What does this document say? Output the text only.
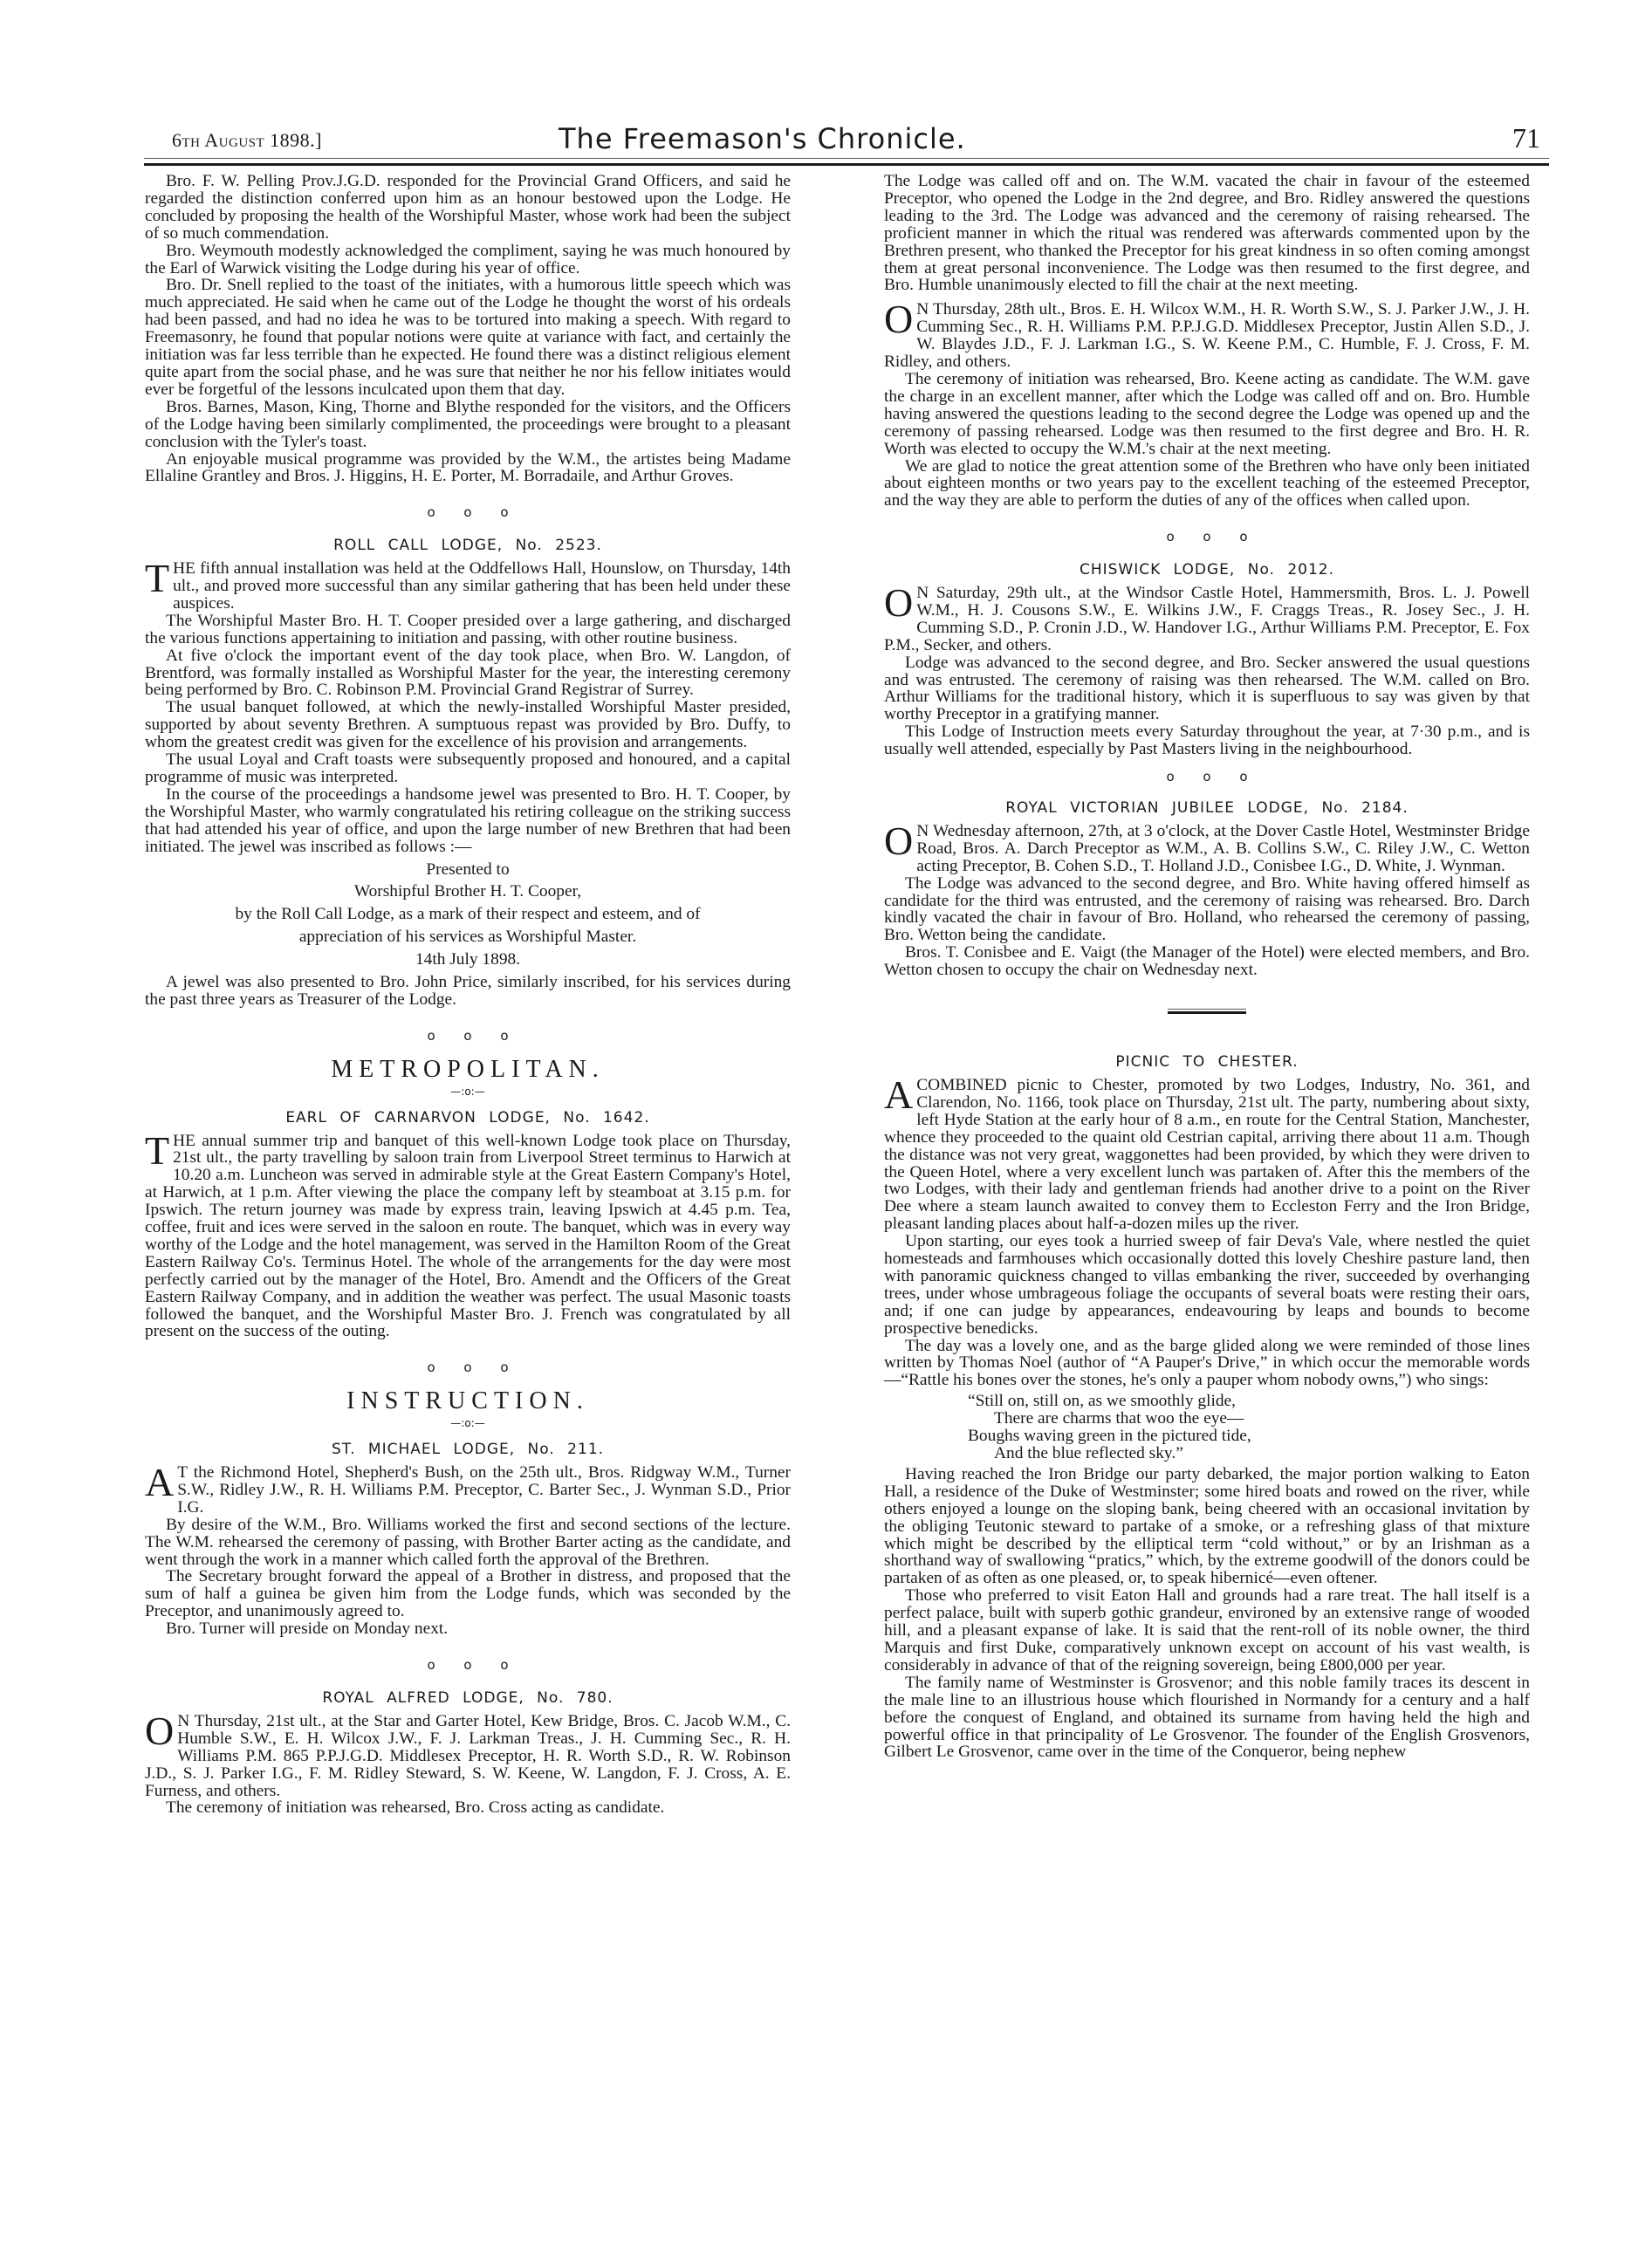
6th August 1898.]	The Freemason's Chronicle.	71

Bro. F. W. Pelling Prov.J.G.D. responded for the Provincial Grand Officers, and said he regarded the distinction conferred upon him as an honour bestowed upon the Lodge. He concluded by proposing the health of the Worshipful Master, whose work had been the subject of so much commendation.

Bro. Weymouth modestly acknowledged the compliment, saying he was much honoured by the Earl of Warwick visiting the Lodge during his year of office.

Bro. Dr. Snell replied to the toast of the initiates, with a humorous little speech which was much appreciated. He said when he came out of the Lodge he thought the worst of his ordeals had been passed, and had no idea he was to be tortured into making a speech. With regard to Freemasonry, he found that popular notions were quite at variance with fact, and certainly the initiation was far less terrible than he expected. He found there was a distinct religious element quite apart from the social phase, and he was sure that neither he nor his fellow initiates would ever be forgetful of the lessons inculcated upon them that day.

Bros. Barnes, Mason, King, Thorne and Blythe responded for the visitors, and the Officers of the Lodge having been similarly complimented, the proceedings were brought to a pleasant conclusion with the Tyler's toast.

An enjoyable musical programme was provided by the W.M., the artistes being Madame Ellaline Grantley and Bros. J. Higgins, H. E. Porter, M. Borradaile, and Arthur Groves.

o o o
ROLL CALL LODGE, No. 2523.

THE fifth annual installation was held at the Oddfellows Hall, Hounslow, on Thursday, 14th ult., and proved more successful than any similar gathering that has been held under these auspices.

The Worshipful Master Bro. H. T. Cooper presided over a large gathering, and discharged the various functions appertaining to initiation and passing, with other routine business.

At five o'clock the important event of the day took place, when Bro. W. Langdon, of Brentford, was formally installed as Worshipful Master for the year, the interesting ceremony being performed by Bro. C. Robinson P.M. Provincial Grand Registrar of Surrey.

The usual banquet followed, at which the newly-installed Worshipful Master presided, supported by about seventy Brethren. A sumptuous repast was provided by Bro. Duffy, to whom the greatest credit was given for the excellence of his provision and arrangements.

The usual Loyal and Craft toasts were subsequently proposed and honoured, and a capital programme of music was interpreted.

In the course of the proceedings a handsome jewel was presented to Bro. H. T. Cooper, by the Worshipful Master, who warmly congratulated his retiring colleague on the striking success that had attended his year of office, and upon the large number of new Brethren that had been initiated. The jewel was inscribed as follows :—

Presented to

Worshipful Brother H. T. Cooper,

by the Roll Call Lodge, as a mark of their respect and esteem, and of

appreciation of his services as Worshipful Master.

14th July 1898.

A jewel was also presented to Bro. John Price, similarly inscribed, for his services during the past three years as Treasurer of the Lodge.

o o o
METROPOLITAN.
—:o:—
EARL OF CARNARVON LODGE, No. 1642.

THE annual summer trip and banquet of this well-known Lodge took place on Thursday, 21st ult., the party travelling by saloon train from Liverpool Street terminus to Harwich at 10.20 a.m. Luncheon was served in admirable style at the Great Eastern Company's Hotel, at Harwich, at 1 p.m. After viewing the place the company left by steamboat at 3.15 p.m. for Ipswich. The return journey was made by express train, leaving Ipswich at 4.45 p.m. Tea, coffee, fruit and ices were served in the saloon en route. The banquet, which was in every way worthy of the Lodge and the hotel management, was served in the Hamilton Room of the Great Eastern Railway Co's. Terminus Hotel. The whole of the arrangements for the day were most perfectly carried out by the manager of the Hotel, Bro. Amendt and the Officers of the Great Eastern Railway Company, and in addition the weather was perfect. The usual Masonic toasts followed the banquet, and the Worshipful Master Bro. J. French was congratulated by all present on the success of the outing.

o o o
INSTRUCTION.
—:o:—
ST. MICHAEL LODGE, No. 211.

A T the Richmond Hotel, Shepherd's Bush, on the 25th ult., Bros. Ridgway W.M., Turner S.W., Ridley J.W., R. H. Williams P.M. Preceptor, C. Barter Sec., J. Wynman S.D., Prior I.G.

By desire of the W.M., Bro. Williams worked the first and second sections of the lecture. The W.M. rehearsed the ceremony of passing, with Brother Barter acting as the candidate, and went through the work in a manner which called forth the approval of the Brethren.

The Secretary brought forward the appeal of a Brother in distress, and proposed that the sum of half a guinea be given him from the Lodge funds, which was seconded by the Preceptor, and unanimously agreed to.

Bro. Turner will preside on Monday next.

o o o
ROYAL ALFRED LODGE, No. 780.

O N Thursday, 21st ult., at the Star and Garter Hotel, Kew Bridge, Bros. C. Jacob W.M., C. Humble S.W., E. H. Wilcox J.W., F. J. Larkman Treas., J. H. Cumming Sec., R. H. Williams P.M. 865 P.P.J.G.D. Middlesex Preceptor, H. R. Worth S.D., R. W. Robinson J.D., S. J. Parker I.G., F. M. Ridley Steward, S. W. Keene, W. Langdon, F. J. Cross, A. E. Furness, and others.

The ceremony of initiation was rehearsed, Bro. Cross acting as candidate.

The Lodge was called off and on. The W.M. vacated the chair in favour of the esteemed Preceptor, who opened the Lodge in the 2nd degree, and Bro. Ridley answered the questions leading to the 3rd. The Lodge was advanced and the ceremony of raising rehearsed. The proficient manner in which the ritual was rendered was afterwards commented upon by the Brethren present, who thanked the Preceptor for his great kindness in so often coming amongst them at great personal inconvenience. The Lodge was then resumed to the first degree, and Bro. Humble unanimously elected to fill the chair at the next meeting.

O N Thursday, 28th ult., Bros. E. H. Wilcox W.M., H. R. Worth S.W., S. J. Parker J.W., J. H. Cumming Sec., R. H. Williams P.M. P.P.J.G.D. Middlesex Preceptor, Justin Allen S.D., J. W. Blaydes J.D., F. J. Larkman I.G., S. W. Keene P.M., C. Humble, F. J. Cross, F. M. Ridley, and others.

The ceremony of initiation was rehearsed, Bro. Keene acting as candidate. The W.M. gave the charge in an excellent manner, after which the Lodge was called off and on. Bro. Humble having answered the questions leading to the second degree the Lodge was opened up and the ceremony of passing rehearsed. Lodge was then resumed to the first degree and Bro. H. R. Worth was elected to occupy the W.M.'s chair at the next meeting.

We are glad to notice the great attention some of the Brethren who have only been initiated about eighteen months or two years pay to the excellent teaching of the esteemed Preceptor, and the way they are able to perform the duties of any of the offices when called upon.

o o o
CHISWICK LODGE, No. 2012.

O N Saturday, 29th ult., at the Windsor Castle Hotel, Hammersmith, Bros. L. J. Powell W.M., H. J. Cousons S.W., E. Wilkins J.W., F. Craggs Treas., R. Josey Sec., J. H. Cumming S.D., P. Cronin J.D., W. Handover I.G., Arthur Williams P.M. Preceptor, E. Fox P.M., Secker, and others.

Lodge was advanced to the second degree, and Bro. Secker answered the usual questions and was entrusted. The ceremony of raising was then rehearsed. The W.M. called on Bro. Arthur Williams for the traditional history, which it is superfluous to say was given by that worthy Preceptor in a gratifying manner.

This Lodge of Instruction meets every Saturday throughout the year, at 7·30 p.m., and is usually well attended, especially by Past Masters living in the neighbourhood.

o o o
ROYAL VICTORIAN JUBILEE LODGE, No. 2184.

O N Wednesday afternoon, 27th, at 3 o'clock, at the Dover Castle Hotel, Westminster Bridge Road, Bros. A. Darch Preceptor as W.M., A. B. Collins S.W., C. Riley J.W., C. Wetton acting Preceptor, B. Cohen S.D., T. Holland J.D., Conisbee I.G., D. White, J. Wynman.

The Lodge was advanced to the second degree, and Bro. White having offered himself as candidate for the third was entrusted, and the ceremony of raising was rehearsed. Bro. Darch kindly vacated the chair in favour of Bro. Holland, who rehearsed the ceremony of passing, Bro. Wetton being the candidate.

Bros. T. Conisbee and E. Vaigt (the Manager of the Hotel) were elected members, and Bro. Wetton chosen to occupy the chair on Wednesday next.

PICNIC TO CHESTER.

ACOMBINED picnic to Chester, promoted by two Lodges, Industry, No. 361, and Clarendon, No. 1166, took place on Thursday, 21st ult. The party, numbering about sixty, left Hyde Station at the early hour of 8 a.m., en route for the Central Station, Manchester, whence they proceeded to the quaint old Cestrian capital, arriving there about 11 a.m. Though the distance was not very great, waggonettes had been provided, by which they were driven to the Queen Hotel, where a very excellent lunch was partaken of. After this the members of the two Lodges, with their lady and gentleman friends had another drive to a point on the River Dee where a steam launch awaited to convey them to Eccleston Ferry and the Iron Bridge, pleasant landing places about half-a-dozen miles up the river.

Upon starting, our eyes took a hurried sweep of fair Deva's Vale, where nestled the quiet homesteads and farmhouses which occasionally dotted this lovely Cheshire pasture land, then with panoramic quickness changed to villas embanking the river, succeeded by overhanging trees, under whose umbrageous foliage the occupants of several boats were resting their oars, and; if one can judge by appearances, endeavouring by leaps and bounds to become prospective benedicks.

The day was a lovely one, and as the barge glided along we were reminded of those lines written by Thomas Noel (author of “A Pauper's Drive,” in which occur the memorable words—“Rattle his bones over the stones, he's only a pauper whom nobody owns,”) who sings:

“Still on, still on, as we smoothly glide,
There are charms that woo the eye—
Boughs waving green in the pictured tide,
And the blue reflected sky.”

Having reached the Iron Bridge our party debarked, the major portion walking to Eaton Hall, a residence of the Duke of Westminster; some hired boats and rowed on the river, while others enjoyed a lounge on the sloping bank, being cheered with an occasional invitation by the obliging Teutonic steward to partake of a smoke, or a refreshing glass of that mixture which might be described by the elliptical term “cold without,” or by an Irishman as a shorthand way of swallowing “pratics,” which, by the extreme goodwill of the donors could be partaken of as often as one pleased, or, to speak hibernicé—even oftener.

Those who preferred to visit Eaton Hall and grounds had a rare treat. The hall itself is a perfect palace, built with superb gothic grandeur, environed by an extensive range of wooded hill, and a pleasant expanse of lake. It is said that the rent-roll of its noble owner, the third Marquis and first Duke, comparatively unknown except on account of his vast wealth, is considerably in advance of that of the reigning sovereign, being £800,000 per year.

The family name of Westminster is Grosvenor; and this noble family traces its descent in the male line to an illustrious house which flourished in Normandy for a century and a half before the conquest of England, and obtained its surname from having held the high and powerful office in that principality of Le Grosvenor. The founder of the English Grosvenors, Gilbert Le Grosvenor, came over in the time of the Conqueror, being nephew
